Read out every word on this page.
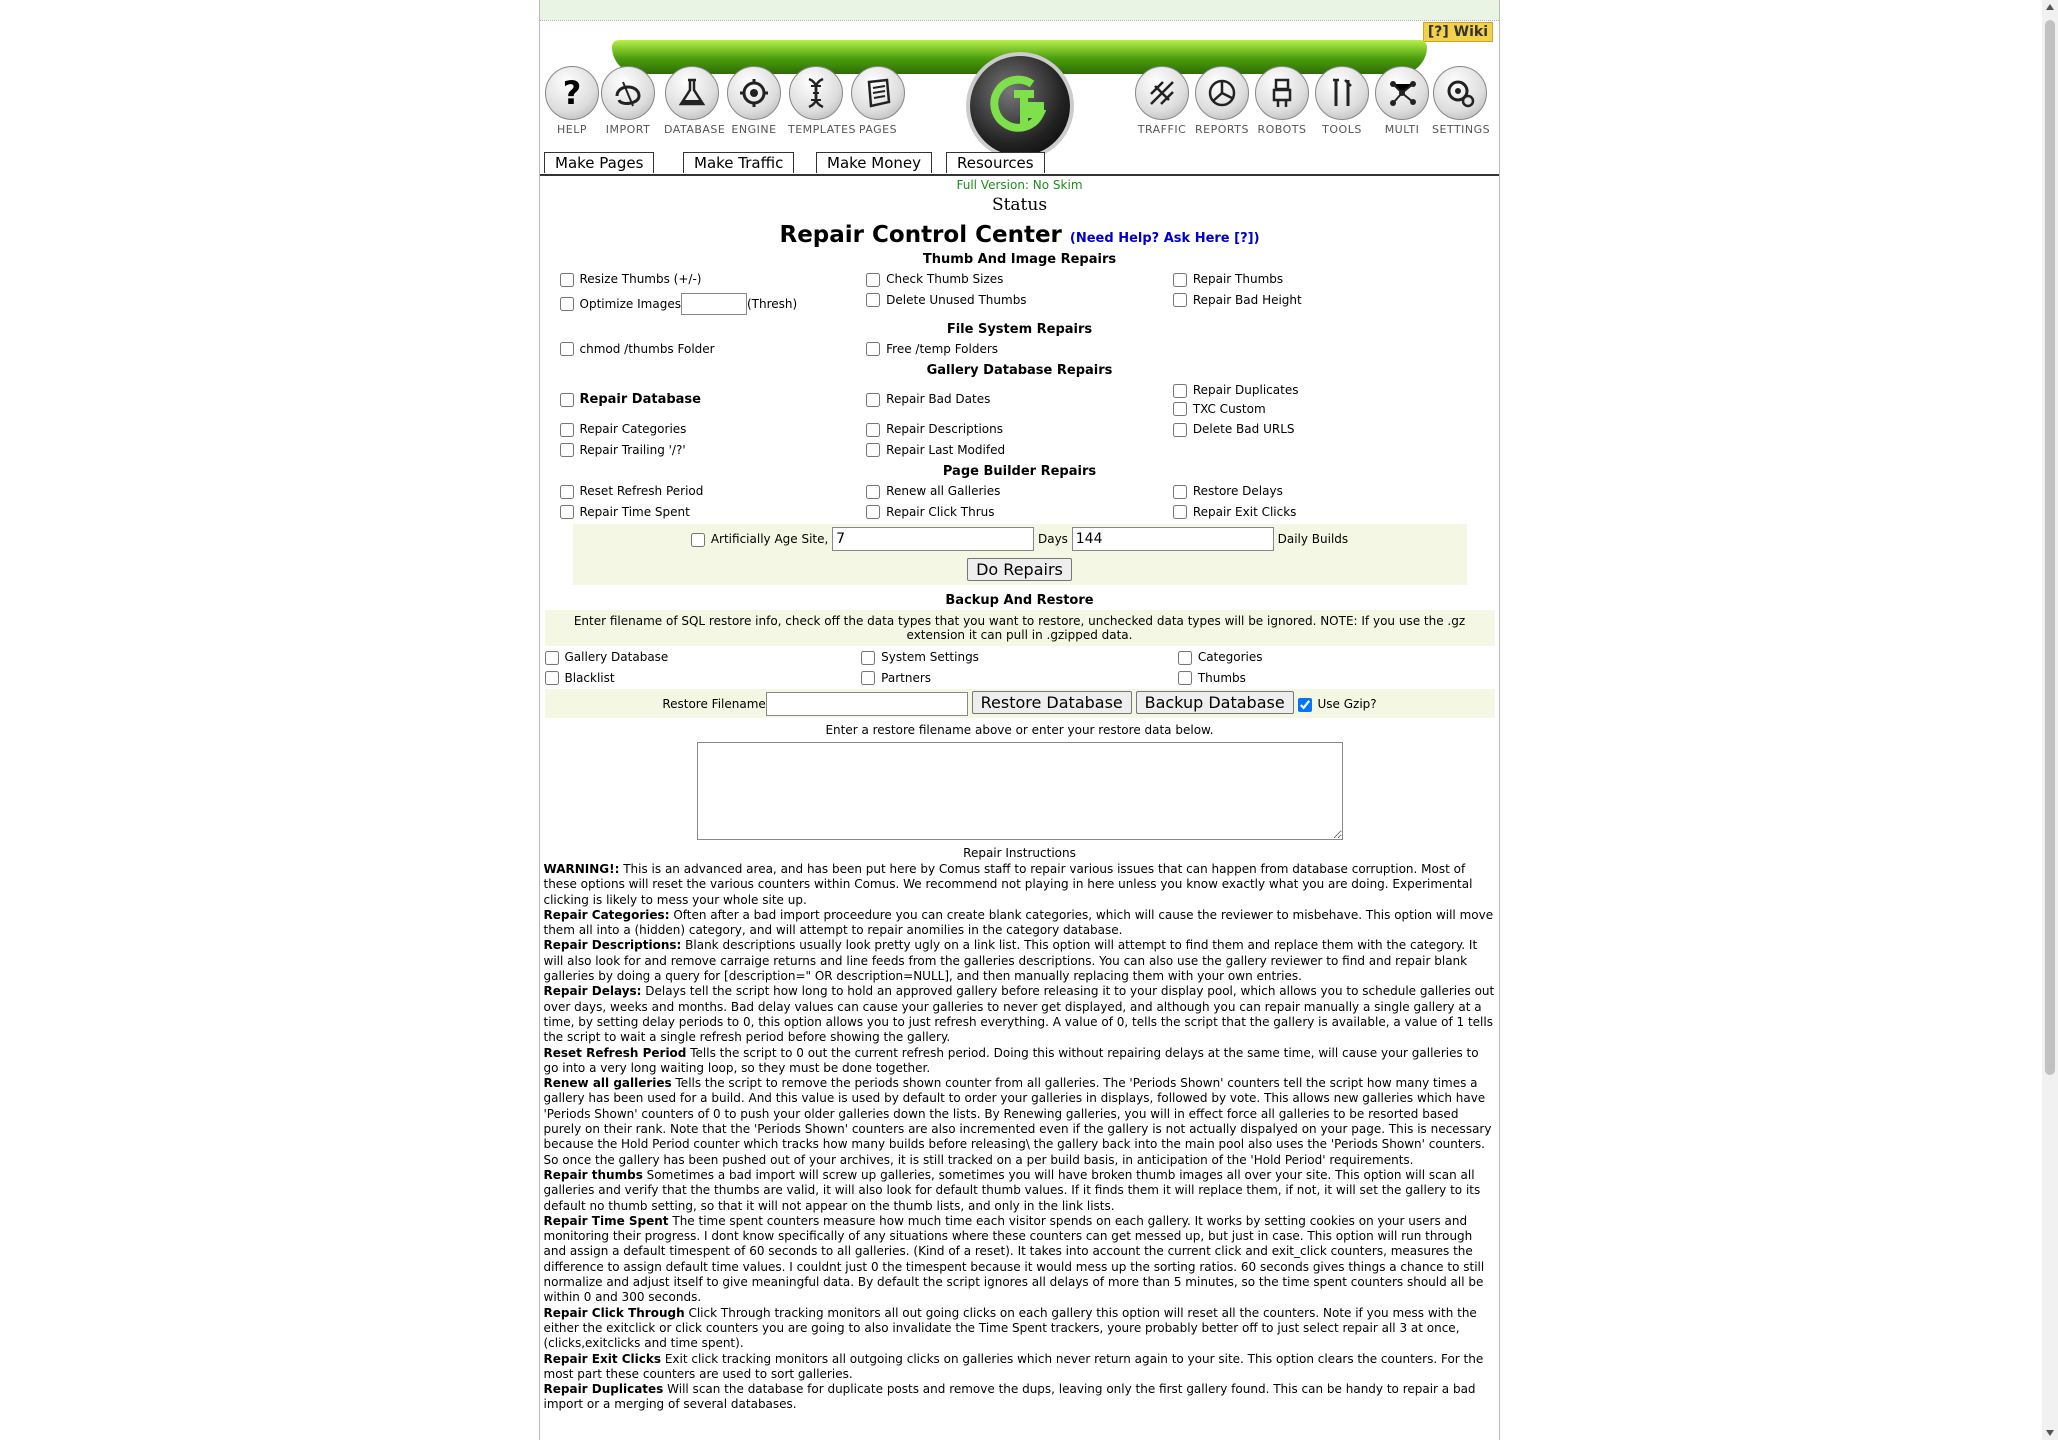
[?] Wiki
?
HELP	IMPORT	DATABASE ENGINE	TEMPLATES PAGES	TRAFFIC REPORTS ROBOTS	TOOLS	MULTI	SETTINGS
Make Pages	Make Traffic	Make Money	Resources
Full Version: No Skim
Status
Repair Control Center (Need Help? Ask Here [?])
Thumb And Image Repairs
Resize Thumbs (+/-)	Check Thumb Sizes	Repair Thumbs
Optimize Images (Thresh)	Delete Unused Thumbs	Repair Bad Height
File System Repairs
chmod /thumbs Folder	Free /temp Folders	
Gallery Database Repairs
Repair Database	Repair Bad Dates	Repair Duplicates
TXC Custom

Repair Categories	Repair Descriptions	Delete Bad URLS
Repair Trailing '/?'	Repair Last Modifed	
Page Builder Repairs
Reset Refresh Period	Renew all Galleries	Restore Delays
Repair Time Spent	Repair Click Thrus	Repair Exit Clicks
Artificially Age Site, 7	Days 144	Daily Builds
Do Repairs
Backup And Restore
Enter filename of SQL restore info, check off the data types that you want to restore, unchecked data types will be ignored. NOTE: If you use the .gz extension it can pull in .gzipped data.
Gallery Database	System Settings	Categories
Blacklist	Partners	Thumbs
Restore Filename	Restore Database Backup Database	Use Gzip?
Enter a restore filename above or enter your restore data below.
Repair Instructions
WARNING!: This is an advanced area, and has been put here by Comus staff to repair various issues that can happen from database corruption. Most of these options will reset the various counters within Comus. We recommend not playing in here unless you know exactly what you are doing. Experimental clicking is likely to mess your whole site up.
Repair Categories: Often after a bad import proceedure you can create blank categories, which will cause the reviewer to misbehave. This option will move them all into a (hidden) category, and will attempt to repair anomilies in the category database.
Repair Descriptions: Blank descriptions usually look pretty ugly on a link list. This option will attempt to find them and replace them with the category. It will also look for and remove carraige returns and line feeds from the galleries descriptions. You can also use the gallery reviewer to find and repair blank galleries by doing a query for [description=" OR description=NULL], and then manually replacing them with your own entries.
Repair Delays: Delays tell the script how long to hold an approved gallery before releasing it to your display pool, which allows you to schedule galleries out over days, weeks and months. Bad delay values can cause your galleries to never get displayed, and although you can repair manually a single gallery at a time, by setting delay periods to 0, this option allows you to just refresh everything. A value of 0, tells the script that the gallery is available, a value of 1 tells the script to wait a single refresh period before showing the gallery.
Reset Refresh Period Tells the script to 0 out the current refresh period. Doing this without repairing delays at the same time, will cause your galleries to go into a very long waiting loop, so they must be done together.
Renew all galleries Tells the script to remove the periods shown counter from all galleries. The 'Periods Shown' counters tell the script how many times a gallery has been used for a build. And this value is used by default to order your galleries in displays, followed by vote. This allows new galleries which have 'Periods Shown' counters of 0 to push your older galleries down the lists. By Renewing galleries, you will in effect force all galleries to be resorted based purely on their rank. Note that the 'Periods Shown' counters are also incremented even if the gallery is not actually dispalyed on your page. This is necessary because the Hold Period counter which tracks how many builds before releasing\ the gallery back into the main pool also uses the 'Periods Shown' counters. So once the gallery has been pushed out of your archives, it is still tracked on a per build basis, in anticipation of the 'Hold Period' requirements.
Repair thumbs Sometimes a bad import will screw up galleries, sometimes you will have broken thumb images all over your site. This option will scan all galleries and verify that the thumbs are valid, it will also look for default thumb values. If it finds them it will replace them, if not, it will set the gallery to its default no thumb setting, so that it will not appear on the thumb lists, and only in the link lists.
Repair Time Spent The time spent counters measure how much time each visitor spends on each gallery. It works by setting cookies on your users and monitoring their progress. I dont know specifically of any situations where these counters can get messed up, but just in case. This option will run through and assign a default timespent of 60 seconds to all galleries. (Kind of a reset). It takes into account the current click and exit_click counters, measures the difference to assign default time values. I couldnt just 0 the timespent because it would mess up the sorting ratios. 60 seconds gives things a chance to still normalize and adjust itself to give meaningful data. By default the script ignores all delays of more than 5 minutes, so the time spent counters should all be within 0 and 300 seconds.
Repair Click Through Click Through tracking monitors all out going clicks on each gallery this option will reset all the counters. Note if you mess with the either the exitclick or click counters you are going to also invalidate the Time Spent trackers, youre probably better off to just select repair all 3 at once, (clicks,exitclicks and time spent).
Repair Exit Clicks Exit click tracking monitors all outgoing clicks on galleries which never return again to your site. This option clears the counters. For the most part these counters are used to sort galleries.
Repair Duplicates Will scan the database for duplicate posts and remove the dups, leaving only the first gallery found. This can be handy to repair a bad import or a merging of several databases.
